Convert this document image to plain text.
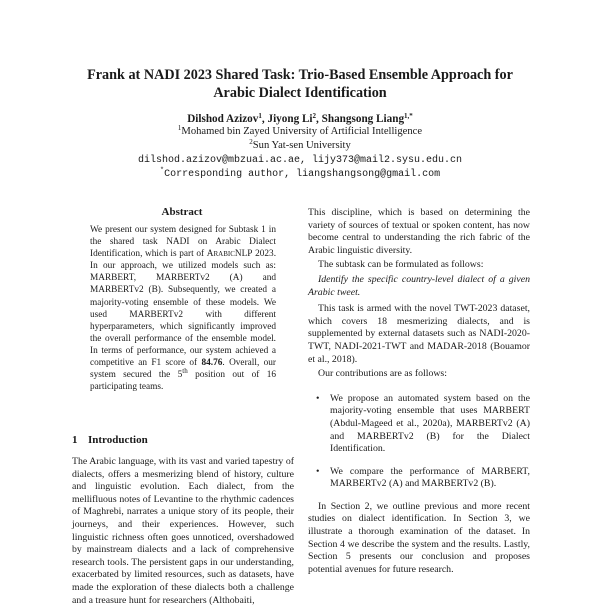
Frank at NADI 2023 Shared Task: Trio-Based Ensemble Approach for
Arabic Dialect Identification
Dilshod Azizov$^1$, Jiyong Li$^2$, Shangsong Liang$^{1,*}$
$^1$Mohamed bin Zayed University of Artificial Intelligence
$^2$Sun Yat-sen University
dilshod.azizov@mbzuai.ac.ae, lijy373@mail2.sysu.edu.cn
*Corresponding author, liangshangsong@gmail.com
Abstract
We present our system designed for Subtask 1 in the shared task NADI on Arabic Dialect Identification, which is part of ArabicNLP 2023. In our approach, we utilized models such as: MARBERT, MARBERTv2 (A) and MARBERTv2 (B). Subsequently, we created a majority-voting ensemble of these models. We used MARBERTv2 with different hyperparameters, which significantly improved the overall performance of the ensemble model. In terms of performance, our system achieved a competitive an F1 score of 84.76. Overall, our system secured the 5th position out of 16 participating teams.
1 Introduction
The Arabic language, with its vast and varied tapestry of dialects, offers a mesmerizing blend of history, culture and linguistic evolution. Each dialect, from the mellifluous notes of Levantine to the rhythmic cadences of Maghrebi, narrates a unique story of its people, their journeys, and their experiences. However, such linguistic richness often goes unnoticed, overshadowed by mainstream dialects and a lack of comprehensive research tools. The persistent gaps in our understanding, exacerbated by limited resources, such as datasets, have made the exploration of these dialects both a challenge and a treasure hunt for researchers (Althobaiti,

This discipline, which is based on determining the variety of sources of textual or spoken content, has now become central to understanding the rich fabric of the Arabic linguistic diversity.

The subtask can be formulated as follows:

Identify the specific country-level dialect of a given Arabic tweet.

This task is armed with the novel TWT-2023 dataset, which covers 18 mesmerizing dialects, and is supplemented by external datasets such as NADI-2020-TWT, NADI-2021-TWT and MADAR-2018 (Bouamor et al., 2018).

Our contributions are as follows:

• We propose an automated system based on the majority-voting ensemble that uses MARBERT (Abdul-Mageed et al., 2020a), MARBERTv2 (A) and MARBERTv2 (B) for the Dialect Identification.
• We compare the performance of MARBERT, MARBERTv2 (A) and MARBERTv2 (B).

In Section 2, we outline previous and more recent studies on dialect identification. In Section 3, we illustrate a thorough examination of the dataset. In Section 4 we describe the system and the results. Lastly, Section 5 presents our conclusion and proposes potential avenues for future research.
